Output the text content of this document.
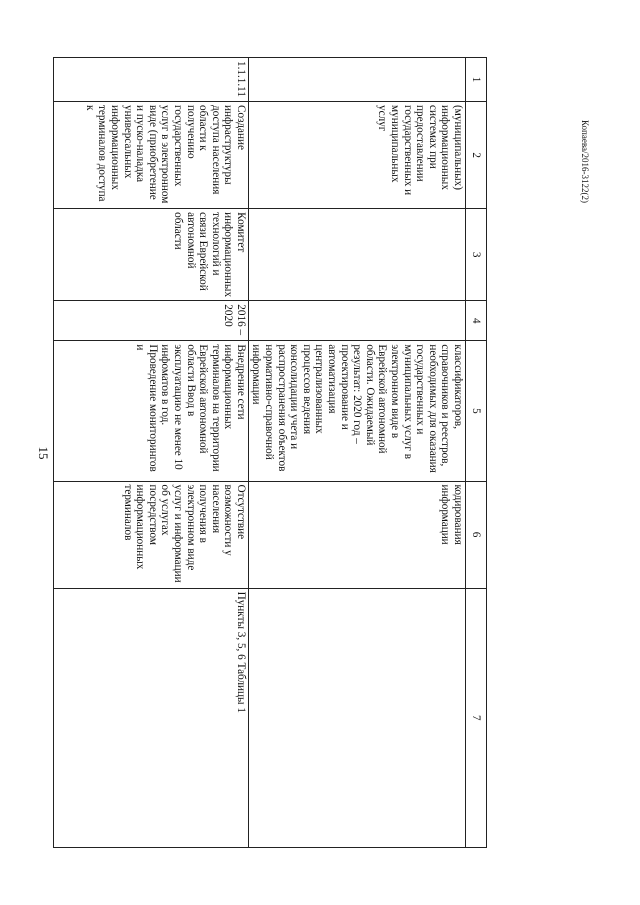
15
Копаева/2016-3122(2)
1	2	3	4	5	6	7
	(муниципальных) информационных системах при предоставлении государственных и муниципальных услуг			классификаторов, справочников и реестров, необходимых для оказания государственных и муниципальных услуг в электронном виде в Еврейской автономной области. Ожидаемый результат: 2020 год – проектирование и автоматизация централизованных процессов ведения консолидации учета и распространения объектов нормативно-справочной информации	кодирования информации	
1.1.1.11	Создание инфраструктуры доступа населения области к получению государственных услуг в электронном виде (приобретение и пуско-наладка универсальных информационных терминалов доступа к	Комитет информационных технологий и связи Еврейской автономной области	2016 – 2020	Внедрение сети информационных терминалов на территории Еврейской автономной области Ввод в эксплуатацию не менее 10 инфоматов в год. Проведение мониторингов и	Отсутствие возможности у населения получения в электронном виде услуг и информации об услугах посредством информационных терминалов	Пункты 3, 5, 6 Таблицы 1
